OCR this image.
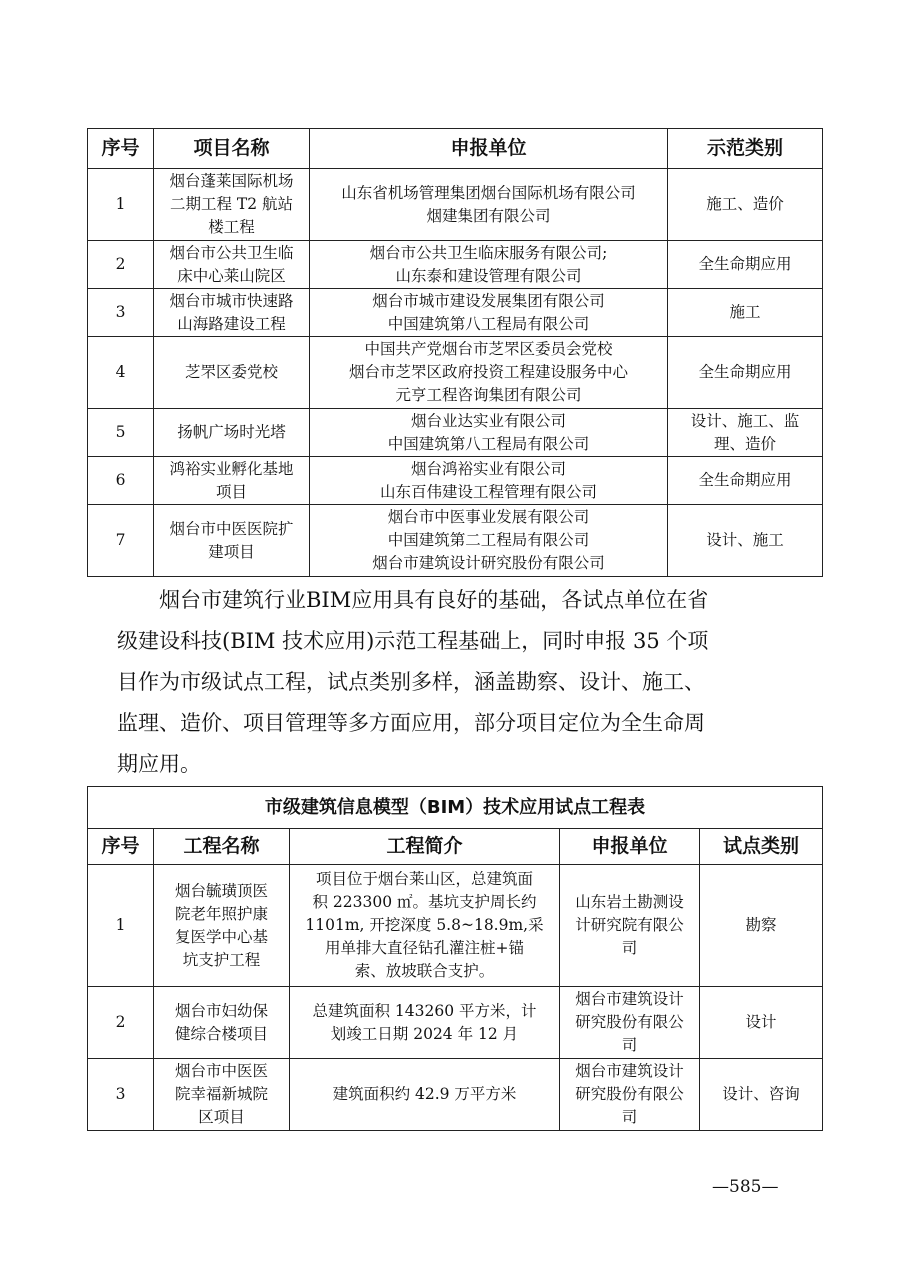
序号	项目名称	申报单位	示范类别
1	烟台蓬莱国际机场
二期工程 T2 航站
楼工程	山东省机场管理集团烟台国际机场有限公司
烟建集团有限公司	施工、造价

2	烟台市公共卫生临
床中心莱山院区	烟台市公共卫生临床服务有限公司;
山东泰和建设管理有限公司	全生命期应用

3	烟台市城市快速路
山海路建设工程	烟台市城市建设发展集团有限公司
中国建筑第八工程局有限公司	施工

4	芝罘区委党校	中国共产党烟台市芝罘区委员会党校
烟台市芝罘区政府投资工程建设服务中心
元亨工程咨询集团有限公司	全生命期应用

5	扬帆广场时光塔	烟台业达实业有限公司
中国建筑第八工程局有限公司	设计、施工、监
理、造价

6	鸿裕实业孵化基地
项目	烟台鸿裕实业有限公司
山东百伟建设工程管理有限公司	全生命期应用

7	烟台市中医医院扩
建项目	烟台市中医事业发展有限公司
中国建筑第二工程局有限公司
烟台市建筑设计研究股份有限公司	设计、施工

烟台市建筑行业BIM应用具有良好的基础，各试点单位在省
级建设科技(BIM 技术应用)示范工程基础上，同时申报 35 个项
目作为市级试点工程，试点类别多样，涵盖勘察、设计、施工、
监理、造价、项目管理等多方面应用，部分项目定位为全生命周
期应用。

市级建筑信息模型（BIM）技术应用试点工程表				
序号	工程名称	工程简介	申报单位	试点类别
1	烟台毓璜顶医
院老年照护康
复医学中心基
坑支护工程	项目位于烟台莱山区，总建筑面
积 223300 ㎡。基坑支护周长约
1101m, 开挖深度 5.8~18.9m,采
用单排大直径钻孔灌注桩+锚
索、放坡联合支护。	山东岩土勘测设
计研究院有限公
司	勘察

2	烟台市妇幼保
健综合楼项目	总建筑面积 143260 平方米，计
划竣工日期 2024 年 12 月	烟台市建筑设计
研究股份有限公
司	设计

3	烟台市中医医
院幸福新城院
区项目	建筑面积约 42.9 万平方米	烟台市建筑设计
研究股份有限公
司	设计、咨询
—585—
